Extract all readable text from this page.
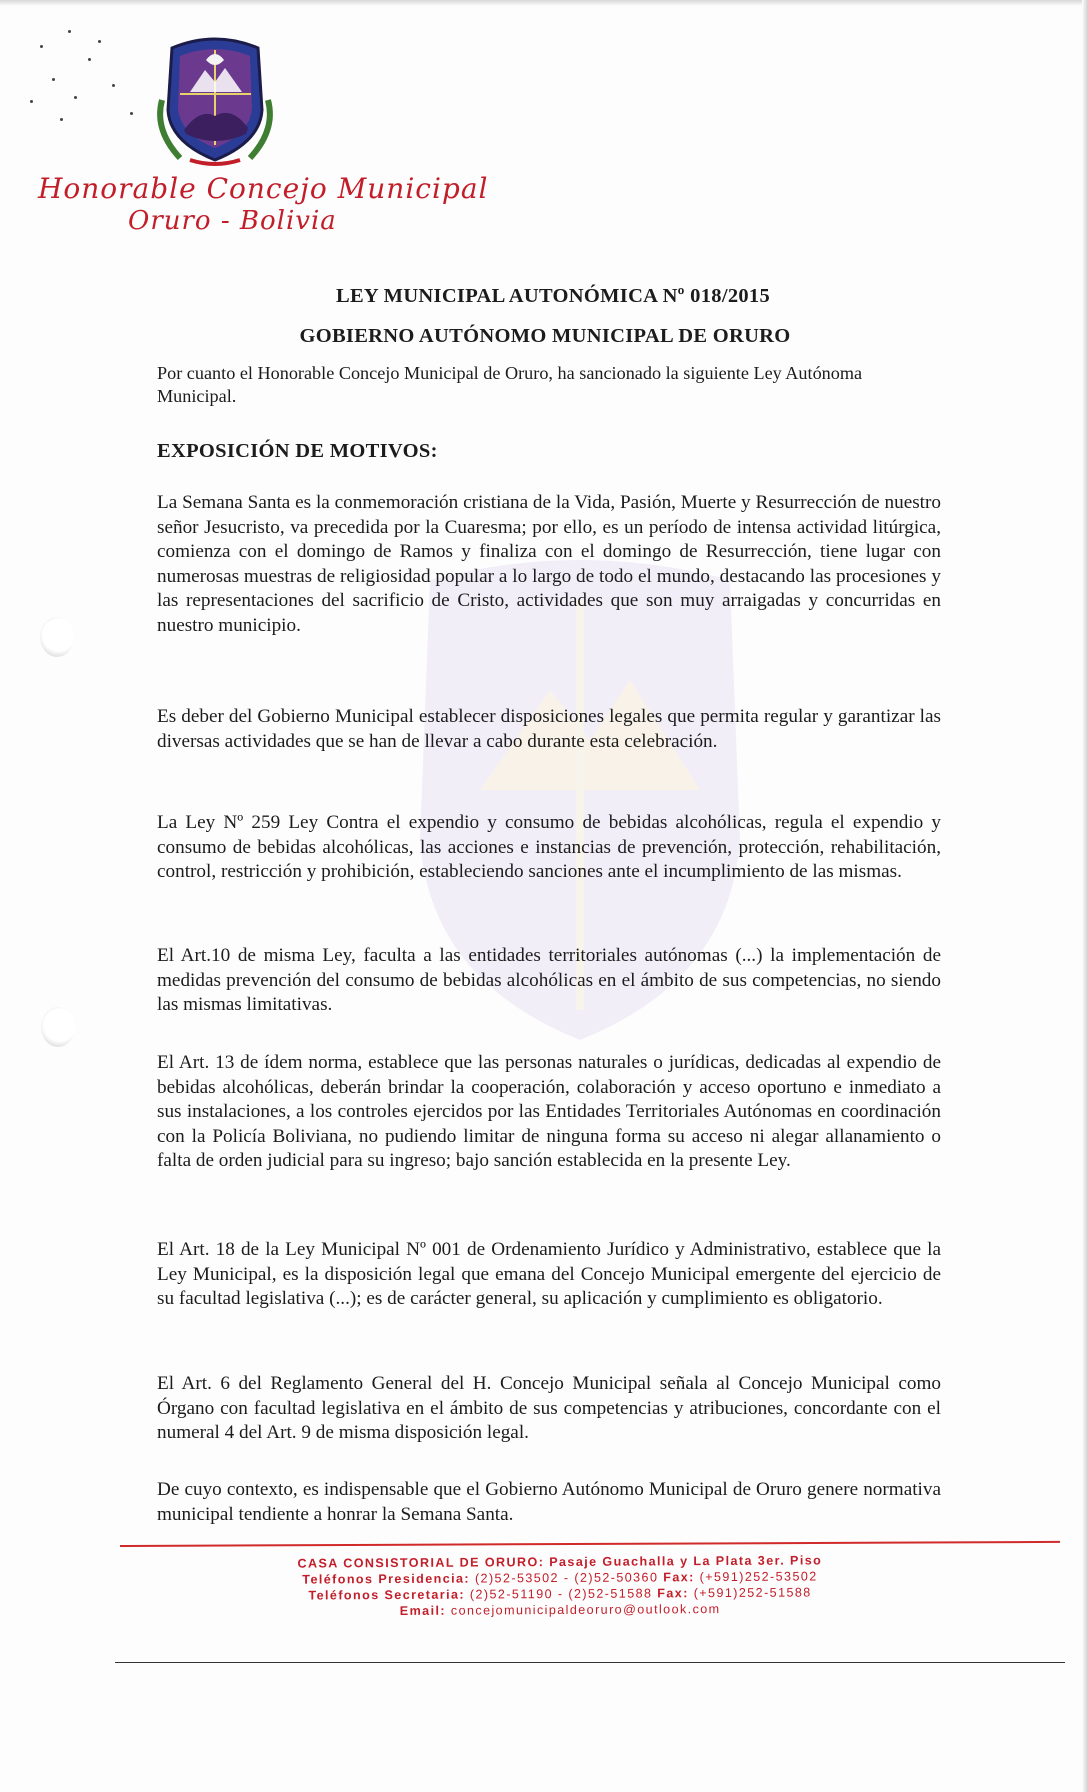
Honorable Concejo Municipal
Oruro - Bolivia
LEY MUNICIPAL AUTONÓMICA Nº 018/2015
GOBIERNO AUTÓNOMO MUNICIPAL DE ORURO
Por cuanto el Honorable Concejo Municipal de Oruro, ha sancionado la siguiente Ley Autónoma Municipal.
EXPOSICIÓN DE MOTIVOS:
La Semana Santa es la conmemoración cristiana de la Vida, Pasión, Muerte y Resurrección de nuestro señor Jesucristo, va precedida por la Cuaresma; por ello, es un período de intensa actividad litúrgica, comienza con el domingo de Ramos y finaliza con el domingo de Resurrección, tiene lugar con numerosas muestras de religiosidad popular a lo largo de todo el mundo, destacando las procesiones y las representaciones del sacrificio de Cristo, actividades que son muy arraigadas y concurridas en nuestro municipio.
Es deber del Gobierno Municipal establecer disposiciones legales que permita regular y garantizar las diversas actividades que se han de llevar a cabo durante esta celebración.
La Ley Nº 259 Ley Contra el expendio y consumo de bebidas alcohólicas, regula el expendio y consumo de bebidas alcohólicas, las acciones e instancias de prevención, protección, rehabilitación, control, restricción y prohibición, estableciendo sanciones ante el incumplimiento de las mismas.
El Art.10 de misma Ley, faculta a las entidades territoriales autónomas (...) la implementación de medidas prevención del consumo de bebidas alcohólicas en el ámbito de sus competencias, no siendo las mismas limitativas.
El Art. 13 de ídem norma, establece que las personas naturales o jurídicas, dedicadas al expendio de bebidas alcohólicas, deberán brindar la cooperación, colaboración y acceso oportuno e inmediato a sus instalaciones, a los controles ejercidos por las Entidades Territoriales Autónomas en coordinación con la Policía Boliviana, no pudiendo limitar de ninguna forma su acceso ni alegar allanamiento o falta de orden judicial para su ingreso; bajo sanción establecida en la presente Ley.
El Art. 18 de la Ley Municipal Nº 001 de Ordenamiento Jurídico y Administrativo, establece que la Ley Municipal, es la disposición legal que emana del Concejo Municipal emergente del ejercicio de su facultad legislativa (...); es de carácter general, su aplicación y cumplimiento es obligatorio.
El Art. 6 del Reglamento General del H. Concejo Municipal señala al Concejo Municipal como Órgano con facultad legislativa en el ámbito de sus competencias y atribuciones, concordante con el numeral 4 del Art. 9 de misma disposición legal.
De cuyo contexto, es indispensable que el Gobierno Autónomo Municipal de Oruro genere normativa municipal tendiente a honrar la Semana Santa.
CASA CONSISTORIAL DE ORURO: Pasaje Guachalla y La Plata 3er. Piso
Teléfonos Presidencia: (2)52-53502 - (2)52-50360 Fax: (+591)252-53502
Teléfonos Secretaria: (2)52-51190 - (2)52-51588 Fax: (+591)252-51588
Email: concejomunicipaldeoruro@outlook.com
